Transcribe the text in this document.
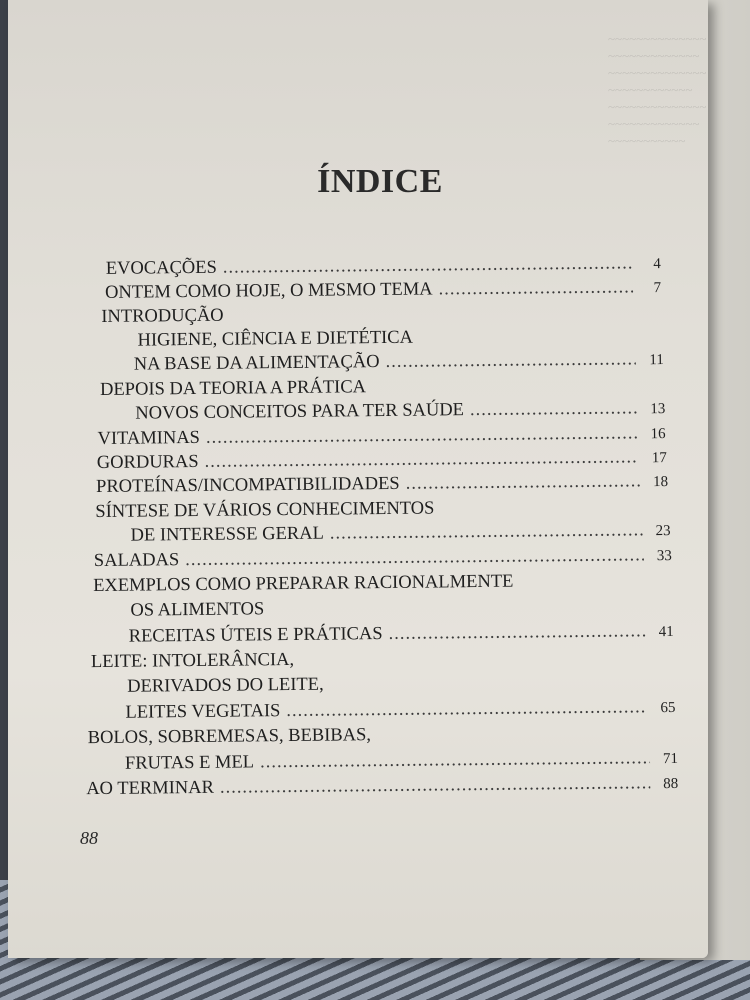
~~~~~~~~~~~~~~
~~~~~~~~~~~~~
~~~~~~~~~~~~~~
~~~~~~~~~~~~
~~~~~~~~~~~~~~
~~~~~~~~~~~~~
~~~~~~~~~~~
ÍNDICE
EVOCAÇÕES .....	4
ONTEM COMO HOJE, O MESMO TEMA .....	7
INTRODUÇÃO
HIGIENE, CIÊNCIA E DIETÉTICA
NA BASE DA ALIMENTAÇÃO .....	11
DEPOIS DA TEORIA A PRÁTICA
NOVOS CONCEITOS PARA TER SAÚDE .....	13
VITAMINAS .....	16
GORDURAS .....	17
PROTEÍNAS/INCOMPATIBILIDADES .....	18
SÍNTESE DE VÁRIOS CONHECIMENTOS
DE INTERESSE GERAL .....	23
SALADAS .....	33
EXEMPLOS COMO PREPARAR RACIONALMENTE
OS ALIMENTOS
RECEITAS ÚTEIS E PRÁTICAS .....	41
LEITE: INTOLERÂNCIA,
DERIVADOS DO LEITE,
LEITES VEGETAIS .....	65
BOLOS, SOBREMESAS, BEBIBAS,
FRUTAS E MEL .....	71
AO TERMINAR .....	88
88
